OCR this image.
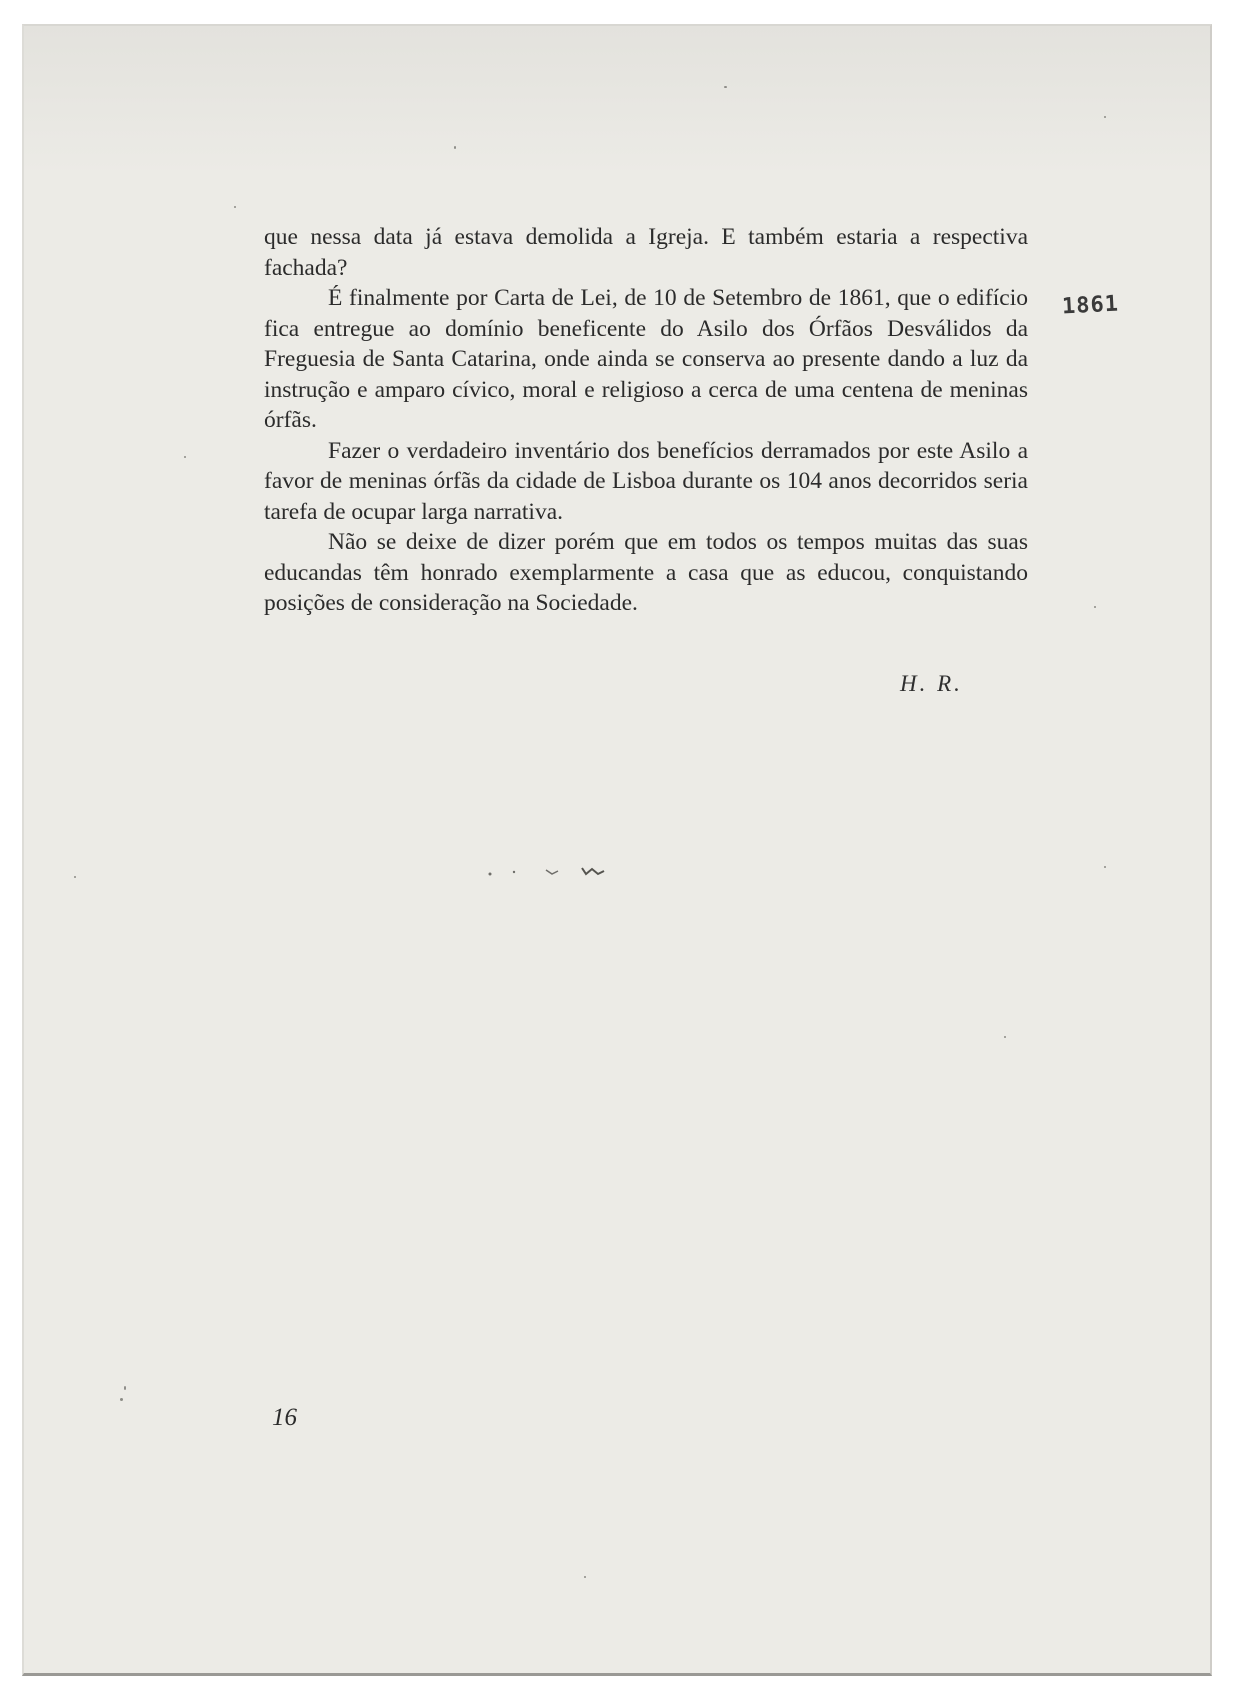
que nessa data já estava demolida a Igreja. E também estaria a respectiva fachada?

É finalmente por Carta de Lei, de 10 de Setembro de 1861, que o edifício fica entregue ao domínio beneficente do Asilo dos Órfãos Desválidos da Freguesia de Santa Catarina, onde ainda se conserva ao presente dando a luz da instrução e amparo cívico, moral e religioso a cerca de uma centena de meninas órfãs.

Fazer o verdadeiro inventário dos benefícios derramados por este Asilo a favor de meninas órfãs da cidade de Lisboa durante os 104 anos decorridos seria tarefa de ocupar larga narrativa.

Não se deixe de dizer porém que em todos os tempos muitas das suas educandas têm honrado exemplarmente a casa que as educou, conquistando posições de consideração na Sociedade.

H. R.
1861
16
